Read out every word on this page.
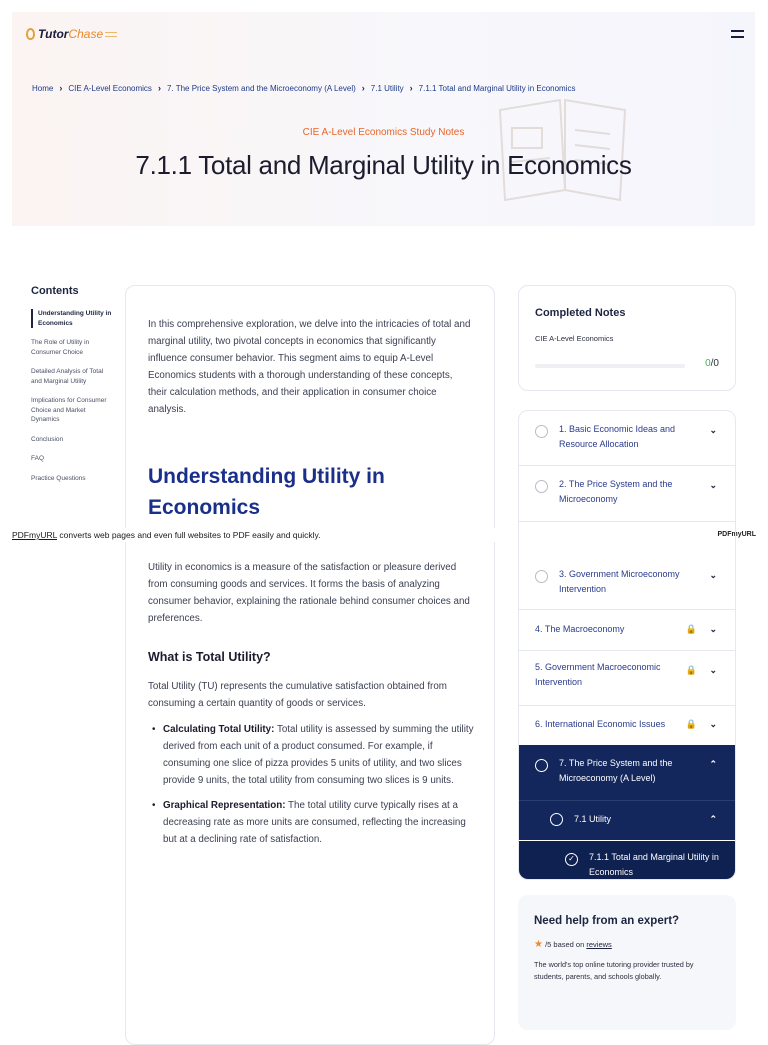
Tutor Chase
Home › CIE A-Level Economics › 7. The Price System and the Microeconomy (A Level) › 7.1 Utility › 7.1.1 Total and Marginal Utility in Economics
CIE A-Level Economics Study Notes
7.1.1 Total and Marginal Utility in Economics
Contents
Understanding Utility in Economics
The Role of Utility in Consumer Choice
Detailed Analysis of Total and Marginal Utility
Implications for Consumer Choice and Market Dynamics
Conclusion
FAQ
Practice Questions

In this comprehensive exploration, we delve into the intricacies of total and marginal utility, two pivotal concepts in economics that significantly influence consumer behavior. This segment aims to equip A-Level Economics students with a thorough understanding of these concepts, their calculation methods, and their application in consumer choice analysis.

Understanding Utility in Economics
PDFmyURL converts web pages and even full websites to PDF easily and quickly.	PDFmyURL

Utility in economics is a measure of the satisfaction or pleasure derived from consuming goods and services. It forms the basis of analyzing consumer behavior, explaining the rationale behind consumer choices and preferences.

What is Total Utility?

Total Utility (TU) represents the cumulative satisfaction obtained from consuming a certain quantity of goods or services.

• Calculating Total Utility: Total utility is assessed by summing the utility derived from each unit of a product consumed. For example, if consuming one slice of pizza provides 5 units of utility, and two slices provide 9 units, the total utility from consuming two slices is 9 units.
• Graphical Representation: The total utility curve typically rises at a decreasing rate as more units are consumed, reflecting the increasing but at a declining rate of satisfaction.
Completed Notes
CIE A-Level Economics
0/0
1. Basic Economic Ideas and Resource Allocation
⌄
2. The Price System and the Microeconomy
⌄
3. Government Microeconomy Intervention
⌄
4. The Macroeconomy	🔒 ⌄
5. Government Macroeconomic Intervention
🔒 ⌄
6. International Economic Issues 🔒 ⌄
7. The Price System and the Microeconomy (A Level)
⌃
7.1 Utility	⌃
✓	7.1.1 Total and Marginal Utility in Economics
Need help from an expert?
★ /5 based on reviews

The world's top online tutoring provider trusted by students, parents, and schools globally.
